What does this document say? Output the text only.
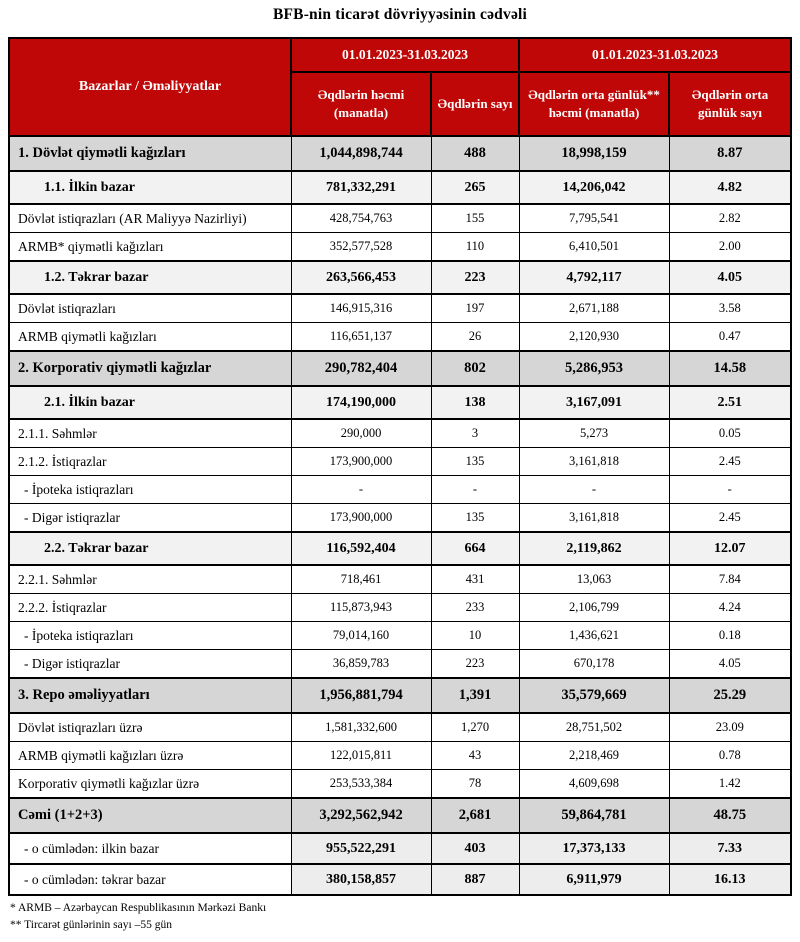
BFB-nin ticarət dövriyyəsinin cədvəli
Bazarlar / Əməliyyatlar	01.01.2023-31.03.2023		01.01.2023-31.03.2023	
	Əqdlərin həcmi (manatla)	Əqdlərin sayı	Əqdlərin orta günlük** həcmi (manatla)	Əqdlərin orta günlük sayı
1. Dövlət qiymətli kağızları	1,044,898,744	488	18,998,159	8.87
1.1. İlkin bazar	781,332,291	265	14,206,042	4.82
Dövlət istiqrazları (AR Maliyyə Nazirliyi)	428,754,763	155	7,795,541	2.82
ARMB* qiymətli kağızları	352,577,528	110	6,410,501	2.00
1.2. Təkrar bazar	263,566,453	223	4,792,117	4.05
Dövlət istiqrazları	146,915,316	197	2,671,188	3.58
ARMB qiymətli kağızları	116,651,137	26	2,120,930	0.47
2. Korporativ qiymətli kağızlar	290,782,404	802	5,286,953	14.58
2.1. İlkin bazar	174,190,000	138	3,167,091	2.51
2.1.1. Səhmlər	290,000	3	5,273	0.05
2.1.2. İstiqrazlar	173,900,000	135	3,161,818	2.45
- İpoteka istiqrazları	-	-	-	-
- Digər istiqrazlar	173,900,000	135	3,161,818	2.45
2.2. Təkrar bazar	116,592,404	664	2,119,862	12.07
2.2.1. Səhmlər	718,461	431	13,063	7.84
2.2.2. İstiqrazlar	115,873,943	233	2,106,799	4.24
- İpoteka istiqrazları	79,014,160	10	1,436,621	0.18
- Digər istiqrazlar	36,859,783	223	670,178	4.05
3. Repo əməliyyatları	1,956,881,794	1,391	35,579,669	25.29
Dövlət istiqrazları üzrə	1,581,332,600	1,270	28,751,502	23.09
ARMB qiymətli kağızları üzrə	122,015,811	43	2,218,469	0.78
Korporativ qiymətli kağızlar üzrə	253,533,384	78	4,609,698	1.42
Cəmi (1+2+3)	3,292,562,942	2,681	59,864,781	48.75
- o cümlədən: ilkin bazar	955,522,291	403	17,373,133	7.33
- o cümlədən: təkrar bazar	380,158,857	887	6,911,979	16.13
* ARMB – Azərbaycan Respublikasının Mərkəzi Bankı
** Tircarət günlərinin sayı –55 gün
